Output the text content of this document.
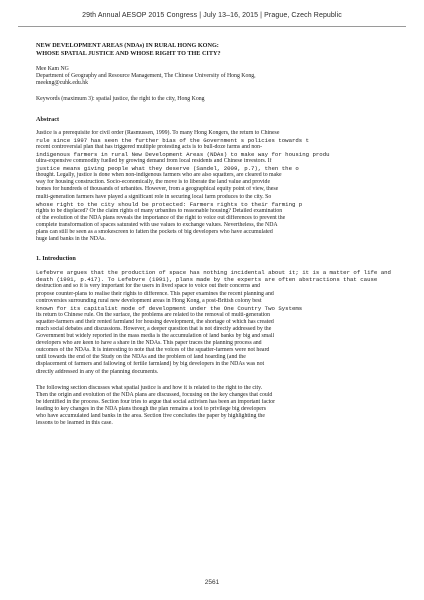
29th Annual AESOP 2015 Congress | July 13–16, 2015 | Prague, Czech Republic

NEW DEVELOPMENT AREAS (NDAs) IN RURAL HONG KONG:
WHOSE SPATIAL JUSTICE AND WHOSE RIGHT TO THE CITY?

Mee Kam NG

Department of Geography and Resource Management, The Chinese University of Hong Kong,

meekng@cuhk.edu.hk

Keywords (maximum 3): spatial justice, the right to the city, Hong Kong

Abstract

Justice is a prerequisite for civil order (Rasmussen, 1999). To many Hong Kongers, the return to Chinese
rule since 1997 has seen the further bias of the Government s policies towards t
recent controversial plan that has triggered multiple protesting acts is to bull-doze farms and non-
indigenous farmers in rural New Development Areas (NDAs) to make way for housing produ
ultra-expensive commodity fuelled by growing demand from local residents and Chinese investors. If
justice means giving people what they deserve (Sandel, 2009, p.7), then the o
thought. Legally, justice is done when non-indigenous farmers who are also squatters, are cleared to make
way for housing construction. Socio-economically, the move is to liberate the land value and provide
homes for hundreds of thousands of urbanites. However, from a geographical equity point of view, these
multi-generation farmers have played a significant role in securing local farm produces to the city. So
whose right to the city should be protected: Farmers rights to their farming p
rights to be displaced? Or the claim rights of many urbanites to reasonable housing? Detailed examination
of the evolution of the NDA plans reveals the importance of the right to voice out differences to prevent the
complete transformation of spaces saturated with use values to exchange values. Nevertheless, the NDA
plans can still be seen as a smokescreen to fatten the pockets of big developers who have accumulated
huge land banks in the NDAs.

1. Introduction

Lefebvre argues that the production of space has nothing incidental about it; it is a matter of life and
death (1991, p.417). To Lefebvre (1991), plans made by the experts are often abstractions that cause
destruction and so it is very important for the users in lived space to voice out their concerns and
propose counter-plans to realise their rights to difference. This paper examines the recent planning and
controversies surrounding rural new development areas in Hong Kong, a post-British colony best
known for its capitalist mode of development under the One Country Two Systems
its return to Chinese rule. On the surface, the problems are related to the removal of multi-generation
squatter-farmers and their rented farmland for housing development, the shortage of which has created
much social debates and discussions. However, a deeper question that is not directly addressed by the
Government but widely reported in the mass media is the accumulation of land banks by big and small
developers who are keen to have a share in the NDAs. This paper traces the planning process and
outcomes of the NDAs. It is interesting to note that the voices of the squatter-farmers were not heard
until towards the end of the Study on the NDAs and the problem of land hoarding (and the
displacement of farmers and fallowing of fertile farmland) by big developers in the NDAs was not
directly addressed in any of the planning documents.

The following section discusses what spatial justice is and how it is related to the right to the city.
Then the origin and evolution of the NDA plans are discussed, focusing on the key changes that could
be identified in the process. Section four tries to argue that social activism has been an important factor
leading to key changes in the NDA plans though the plan remains a tool to privilege big developers
who have accumulated land banks in the area. Section five concludes the paper by highlighting the
lessons to be learned in this case.

2561
